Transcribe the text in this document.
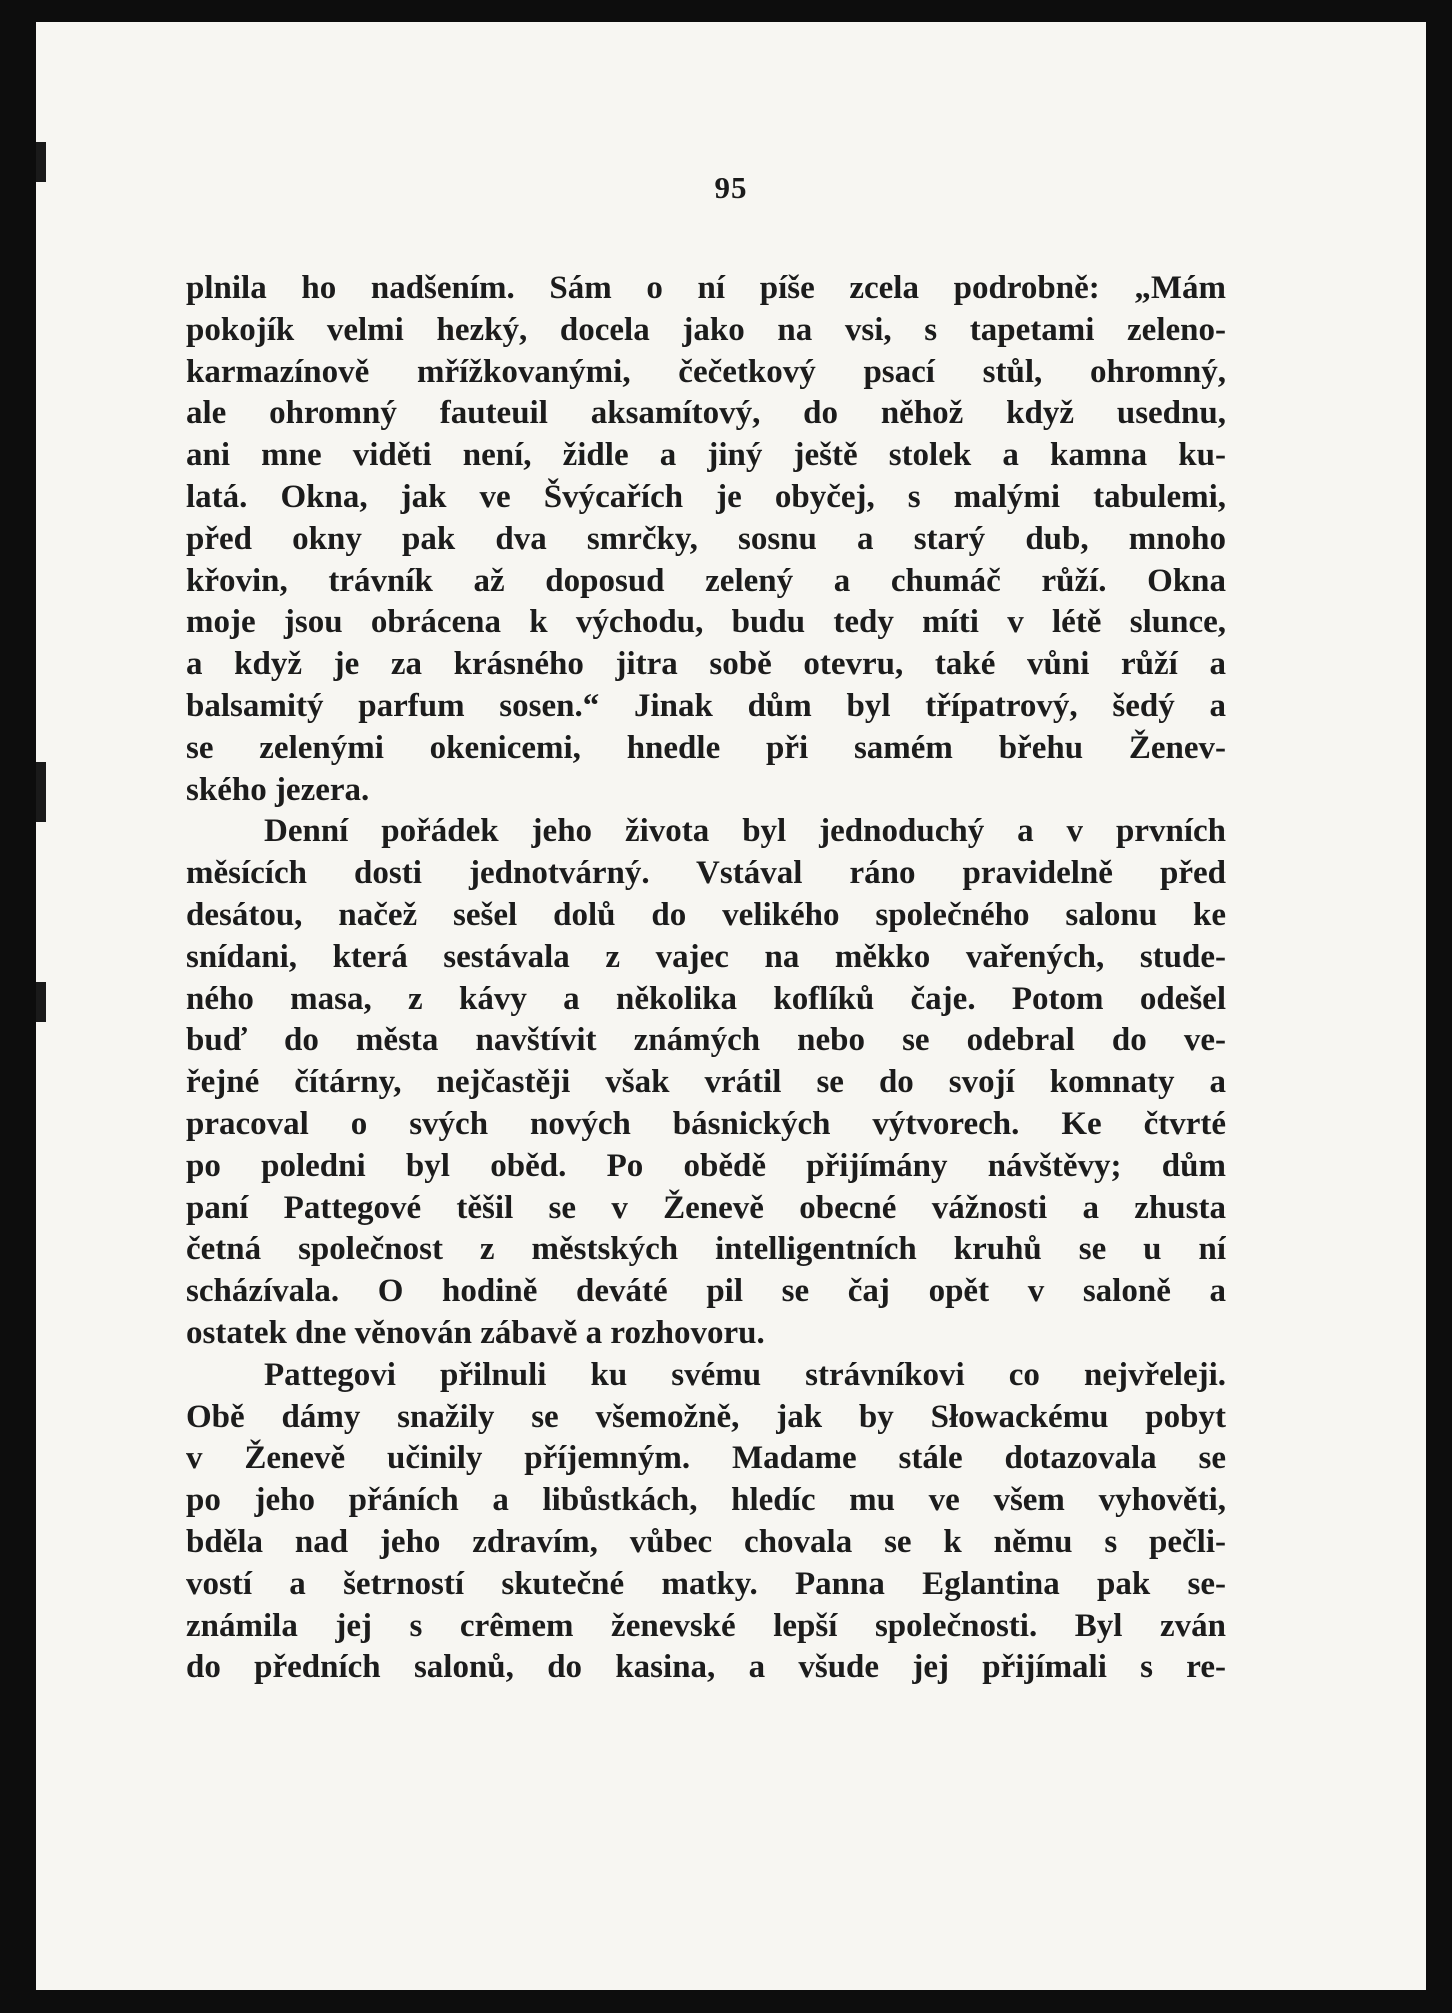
95
plnila ho nadšením. Sám o ní píše zcela podrobně: „Mám
pokojík velmi hezký, docela jako na vsi, s tapetami zeleno-
karmazínově mřížkovanými, čečetkový psací stůl, ohromný,
ale ohromný fauteuil aksamítový, do něhož když usednu,
ani mne viděti není, židle a jiný ještě stolek a kamna ku-
latá. Okna, jak ve Švýcařích je obyčej, s malými tabulemi,
před okny pak dva smrčky, sosnu a starý dub, mnoho
křovin, trávník až doposud zelený a chumáč růží. Okna
moje jsou obrácena k východu, budu tedy míti v létě slunce,
a když je za krásného jitra sobě otevru, také vůni růží a
balsamitý parfum sosen.“ Jinak dům byl třípatrový, šedý a
se zelenými okenicemi, hnedle při samém břehu Ženev-
ského jezera.
Denní pořádek jeho života byl jednoduchý a v prvních
měsících dosti jednotvárný. Vstával ráno pravidelně před
desátou, načež sešel dolů do velikého společného salonu ke
snídani, která sestávala z vajec na měkko vařených, stude-
ného masa, z kávy a několika koflíků čaje. Potom odešel
buď do města navštívit známých nebo se odebral do ve-
řejné čítárny, nejčastěji však vrátil se do svojí komnaty a
pracoval o svých nových básnických výtvorech. Ke čtvrté
po poledni byl oběd. Po obědě přijímány návštěvy; dům
paní Pattegové těšil se v Ženevě obecné vážnosti a zhusta
četná společnost z městských intelligentních kruhů se u ní
scházívala. O hodině deváté pil se čaj opět v saloně a
ostatek dne věnován zábavě a rozhovoru.
Pattegovi přilnuli ku svému strávníkovi co nejvřeleji.
Obě dámy snažily se všemožně, jak by Słowackému pobyt
v Ženevě učinily příjemným. Madame stále dotazovala se
po jeho přáních a libůstkách, hledíc mu ve všem vyhověti,
bděla nad jeho zdravím, vůbec chovala se k němu s pečli-
vostí a šetrností skutečné matky. Panna Eglantina pak se-
známila jej s crêmem ženevské lepší společnosti. Byl zván
do předních salonů, do kasina, a všude jej přijímali s re-
